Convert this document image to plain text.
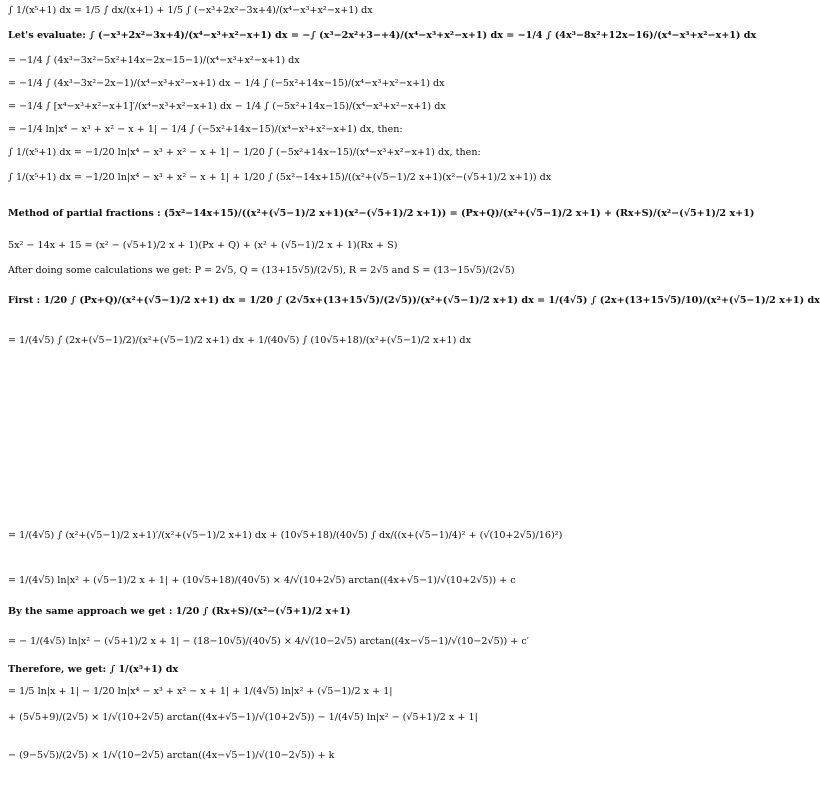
∫ 1/(x⁵+1) dx = 1/5 ∫ dx/(x+1) + 1/5 ∫ (−x³+2x²−3x+4)/(x⁴−x³+x²−x+1) dx
Let's evaluate: ∫ (−x³+2x²−3x+4)/(x⁴−x³+x²−x+1) dx = −∫ (x³−2x²+3−+4)/(x⁴−x³+x²−x+1) dx = −1/4 ∫ (4x³−8x²+12x−16)/(x⁴−x³+x²−x+1) dx
= −1/4 ∫ (4x³−3x²−5x²+14x−2x−15−1)/(x⁴−x³+x²−x+1) dx
= −1/4 ∫ (4x³−3x²−2x−1)/(x⁴−x³+x²−x+1) dx − 1/4 ∫ (−5x²+14x−15)/(x⁴−x³+x²−x+1) dx
= −1/4 ∫ [x⁴−x³+x²−x+1]′/(x⁴−x³+x²−x+1) dx − 1/4 ∫ (−5x²+14x−15)/(x⁴−x³+x²−x+1) dx
= −1/4 ln|x⁴ − x³ + x² − x + 1| − 1/4 ∫ (−5x²+14x−15)/(x⁴−x³+x²−x+1) dx, then:
∫ 1/(x⁵+1) dx = −1/20 ln|x⁴ − x³ + x² − x + 1| − 1/20 ∫ (−5x²+14x−15)/(x⁴−x³+x²−x+1) dx, then:
∫ 1/(x⁵+1) dx = −1/20 ln|x⁴ − x³ + x² − x + 1| + 1/20 ∫ (5x²−14x+15)/((x²+(√5−1)/2 x+1)(x²−(√5+1)/2 x+1)) dx
Method of partial fractions : (5x²−14x+15)/((x²+(√5−1)/2 x+1)(x²−(√5+1)/2 x+1)) = (Px+Q)/(x²+(√5−1)/2 x+1) + (Rx+S)/(x²−(√5+1)/2 x+1)
5x² − 14x + 15 = (x² − (√5+1)/2 x + 1)(Px + Q) + (x² + (√5−1)/2 x + 1)(Rx + S)
After doing some calculations we get: P = 2√5, Q = (13+15√5)/(2√5), R = 2√5 and S = (13−15√5)/(2√5)
First : 1/20 ∫ (Px+Q)/(x²+(√5−1)/2 x+1) dx = 1/20 ∫ (2√5x+(13+15√5)/(2√5))/(x²+(√5−1)/2 x+1) dx = 1/(4√5) ∫ (2x+(13+15√5)/10)/(x²+(√5−1)/2 x+1) dx
= 1/(4√5) ∫ (2x+(√5−1)/2)/(x²+(√5−1)/2 x+1) dx + 1/(40√5) ∫ (10√5+18)/(x²+(√5−1)/2 x+1) dx
= 1/(4√5) ∫ (x²+(√5−1)/2 x+1)′/(x²+(√5−1)/2 x+1) dx + (10√5+18)/(40√5) ∫ dx/((x+(√5−1)/4)² + (√(10+2√5)/16)²)
= 1/(4√5) ln|x² + (√5−1)/2 x + 1| + (10√5+18)/(40√5) × 4/√(10+2√5) arctan((4x+√5−1)/√(10+2√5)) + c
By the same approach we get : 1/20 ∫ (Rx+S)/(x²−(√5+1)/2 x+1)
= − 1/(4√5) ln|x² − (√5+1)/2 x + 1| − (18−10√5)/(40√5) × 4/√(10−2√5) arctan((4x−√5−1)/√(10−2√5)) + c′
Therefore, we get: ∫ 1/(x⁵+1) dx
= 1/5 ln|x + 1| − 1/20 ln|x⁴ − x³ + x² − x + 1| + 1/(4√5) ln|x² + (√5−1)/2 x + 1|
+ (5√5+9)/(2√5) × 1/√(10+2√5) arctan((4x+√5−1)/√(10+2√5)) − 1/(4√5) ln|x² − (√5+1)/2 x + 1|
− (9−5√5)/(2√5) × 1/√(10−2√5) arctan((4x−√5−1)/√(10−2√5)) + k
